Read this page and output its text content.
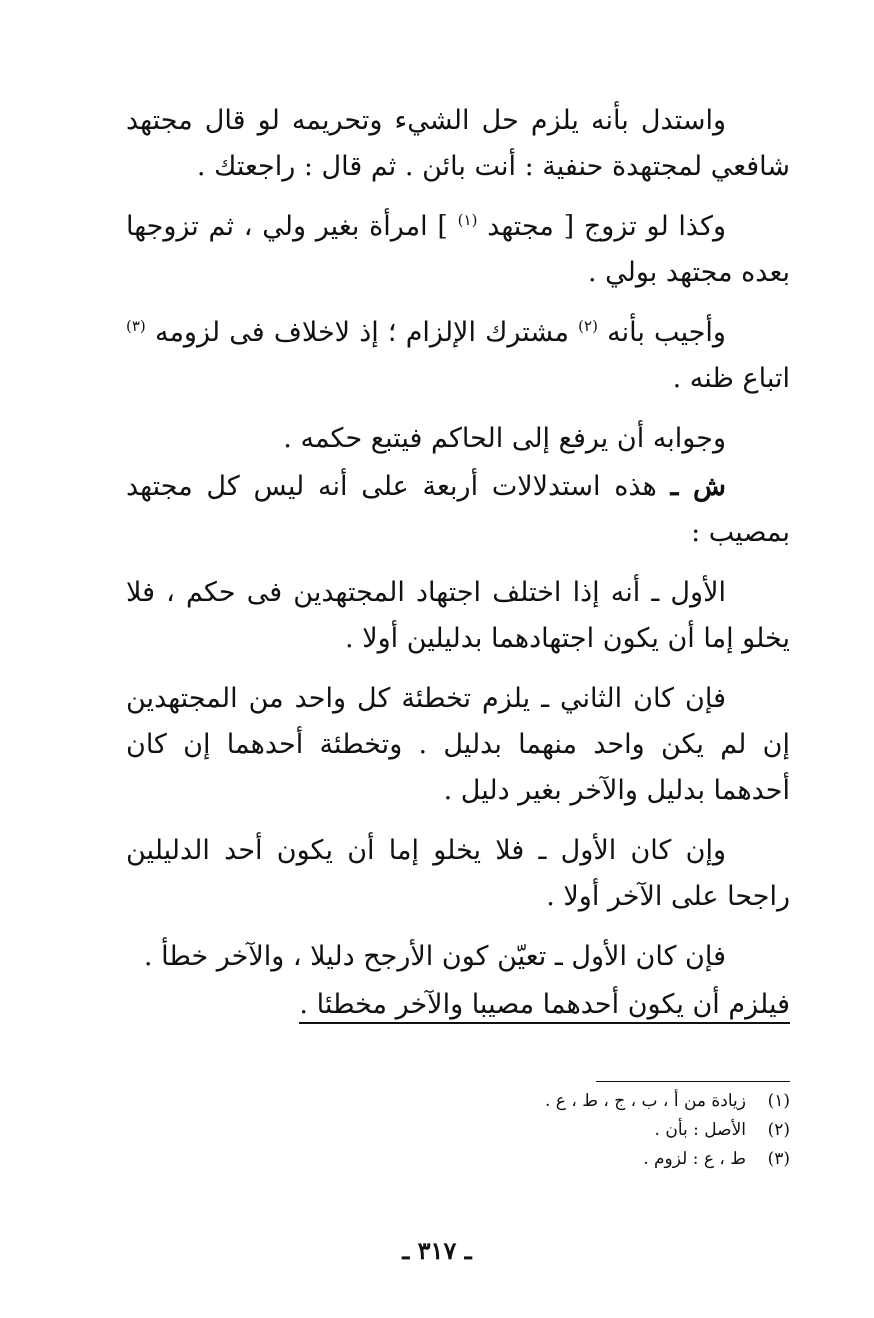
واستدل بأنه يلزم حل الشيء وتحريمه لو قال مجتهد شافعي لمجتهدة حنفية : أنت بائن . ثم قال : راجعتك .

وكذا لو تزوج [ مجتهد $^{(١)}$ ] امرأة بغير ولي ، ثم تزوجها بعده مجتهد بولي .

وأجيب بأنه $^{(٢)}$ مشترك الإلزام ؛ إذ لاخلاف فى لزومه $^{(٣)}$ اتباع ظنه .

وجوابه أن يرفع إلى الحاكم فيتبع حكمه .

ش ـ هذه استدلالات أربعة على أنه ليس كل مجتهد بمصيب :

الأول ـ أنه إذا اختلف اجتهاد المجتهدين فى حكم ، فلا يخلو إما أن يكون اجتهادهما بدليلين أولا .

فإن كان الثاني ـ يلزم تخطئة كل واحد من المجتهدين إن لم يكن واحد منهما بدليل . وتخطئة أحدهما إن كان أحدهما بدليل والآخر بغير دليل .

وإن كان الأول ـ فلا يخلو إما أن يكون أحد الدليلين راجحا على الآخر أولا .

فإن كان الأول ـ تعيّن كون الأرجح دليلا ، والآخر خطأ .

فيلزم أن يكون أحدهما مصيبا والآخر مخطئا .

(١)
زيادة من أ ، ب ، ج ، ط ، ع .
(٢)
الأصل : بأن .
(٣)
ط ، ع : لزوم .
ـ ٣١٧ ـ
